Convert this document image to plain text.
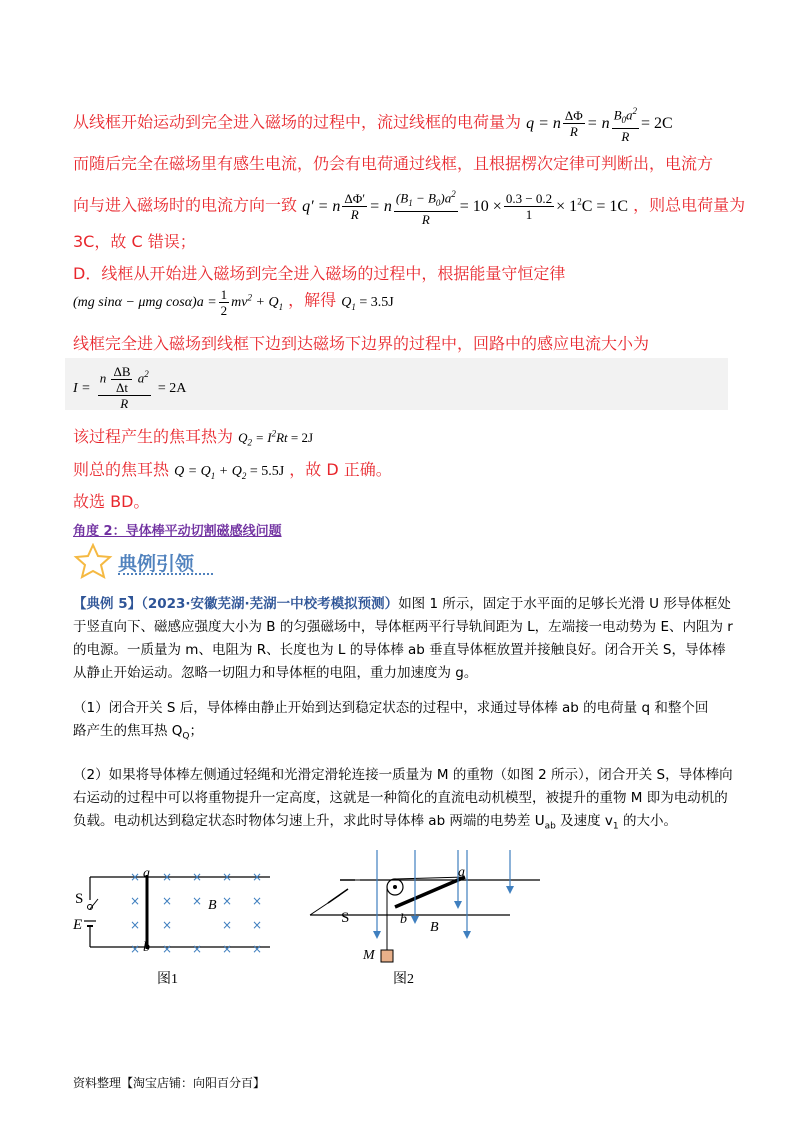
从线框开始运动到完全进入磁场的过程中，流过线框的电荷量为 q = n $\frac{\Delta\Phi}{R} = n \frac{B_0a^2}{R} = 2C$
而随后完全在磁场里有感生电流，仍会有电荷通过线框，且根据楞次定律可判断出，电流方
向与进入磁场时的电流方向一致 q′ = n $\frac{\Delta\Phi'}{R} = n \frac{(B_1 - B_0)a^2}{R} = 10 \times \frac{0.3 - 0.2}{1} \times 1^2C = 1C$ ，则总电荷量为
3C，故 C 错误；
D．线框从开始进入磁场到完全进入磁场的过程中，根据能量守恒定律
(mg sinα − μmg $\cos\alpha)a = \frac{1}{2} mv^2 + Q_1$ ，解得 $Q_1 = 3.5J$
线框完全进入磁场到线框下边到达磁场下边界的过程中，回路中的感应电流大小为
$I = \frac{n \frac{\Delta B}{\Delta t} a^2}{R} = 2A$
该过程产生的焦耳热为 $Q_2 = I^2Rt = 2J$
则总的焦耳热 $Q = Q_1 + Q_2 = 5.5J$ ，故 D 正确。
故选 BD。
角度 2：导体棒平动切割磁感线问题
典例引领
【典例 5】（2023·安徽芜湖·芜湖一中校考模拟预测）如图 1 所示，固定于水平面的足够长光滑 U 形导体框处于竖直向下、磁感应强度大小为 B 的匀强磁场中，导体框两平行导轨间距为 L，左端接一电动势为 E、内阻为 r 的电源。一质量为 m、电阻为 R、长度也为 L 的导体棒 ab 垂直导体框放置并接触良好。闭合开关 S，导体棒从静止开始运动。忽略一切阻力和导体框的电阻，重力加速度为 g。
（1）闭合开关 S 后，导体棒由静止开始到达到稳定状态的过程中，求通过导体棒 ab 的电荷量 q 和整个回
路产生的焦耳热 $Q_Q$；
（2）如果将导体棒左侧通过轻绳和光滑定滑轮连接一质量为 M 的重物（如图 2 所示），闭合开关 S，导体棒向右运动的过程中可以将重物提升一定高度，这就是一种简化的直流电动机模型，被提升的重物 M 即为电动机的负载。电动机达到稳定状态时物体匀速上升，求此时导体棒 ab 两端的电势差 $U_{ab}$ 及速度 $v_1$ 的大小。
× × × × ×
× × × × ×
× ×	× ×
× × × × ×
S
E
a
b
B
图1
S
a
b
B
M
图2
资料整理【淘宝店铺：向阳百分百】
